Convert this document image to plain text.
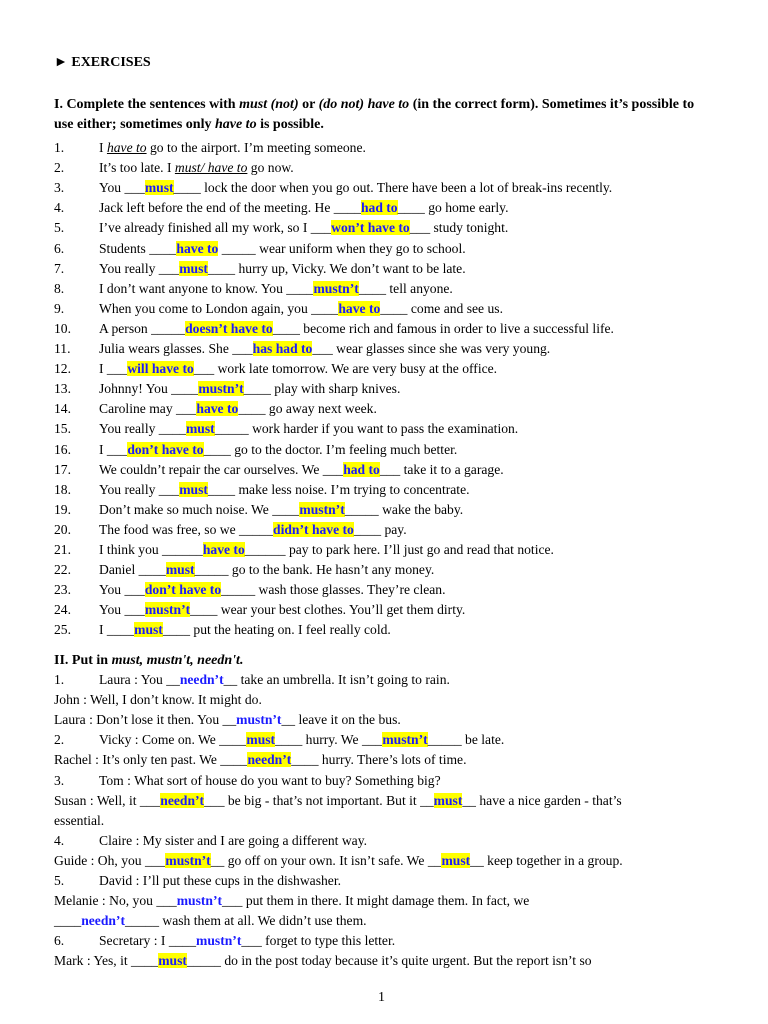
► EXERCISES
I. Complete the sentences with must (not) or (do not) have to (in the correct form). Sometimes it’s possible to use either; sometimes only have to is possible.
1.	I have to go to the airport. I’m meeting someone.
2.	It’s too late. I must/ have to go now.
3.	You ___must____ lock the door when you go out. There have been a lot of break-ins recently.
4.	Jack left before the end of the meeting. He ____had to____ go home early.
5.	I’ve already finished all my work, so I ___won’t have to___ study tonight.
6.	Students ____have to _____ wear uniform when they go to school.
7.	You really ___must____ hurry up, Vicky. We don’t want to be late.
8.	I don’t want anyone to know. You ____mustn’t____ tell anyone.
9.	When you come to London again, you ____have to____ come and see us.
10. A person _____doesn’t have to____ become rich and famous in order to live a successful life.
11. Julia wears glasses. She ___has had to___ wear glasses since she was very young.
12. I ___will have to___ work late tomorrow. We are very busy at the office.
13. Johnny! You ____mustn’t____ play with sharp knives.
14. Caroline may ___have to____ go away next week.
15. You really ____must_____ work harder if you want to pass the examination.
16. I ___don’t have to____ go to the doctor. I’m feeling much better.
17. We couldn’t repair the car ourselves. We ___had to___ take it to a garage.
18. You really ___must____ make less noise. I’m trying to concentrate.
19. Don’t make so much noise. We ____mustn’t_____ wake the baby.
20. The food was free, so we _____didn’t have to____ pay.
21. I think you ______have to______ pay to park here. I’ll just go and read that notice.
22. Daniel ____must_____ go to the bank. He hasn’t any money.
23. You ___don’t have to_____ wash those glasses. They’re clean.
24. You ___mustn’t____ wear your best clothes. You’ll get them dirty.
25. I ____must____ put the heating on. I feel really cold.
II. Put in must, mustn't, needn't.
1.	Laura : You __needn’t__ take an umbrella. It isn’t going to rain.
John : Well, I don’t know. It might do.
Laura : Don’t lose it then. You __mustn’t__ leave it on the bus.
2.	Vicky : Come on. We ____must____ hurry. We ___mustn’t_____ be late.
Rachel : It’s only ten past. We ____needn’t____ hurry. There’s lots of time.
3.	Tom : What sort of house do you want to buy? Something big?
Susan : Well, it ___needn’t___ be big - that’s not important. But it __must__ have a nice garden - that’s
essential.
4.	Claire : My sister and I are going a different way.
Guide : Oh, you ___mustn’t__ go off on your own. It isn’t safe. We __must__ keep together in a group.
5.	David : I’ll put these cups in the dishwasher.
Melanie : No, you ___mustn’t___ put them in there. It might damage them. In fact, we
____needn’t_____ wash them at all. We didn’t use them.
6.	Secretary : I ____mustn’t___ forget to type this letter.
Mark : Yes, it ____must_____ do in the post today because it’s quite urgent. But the report isn’t so
1
